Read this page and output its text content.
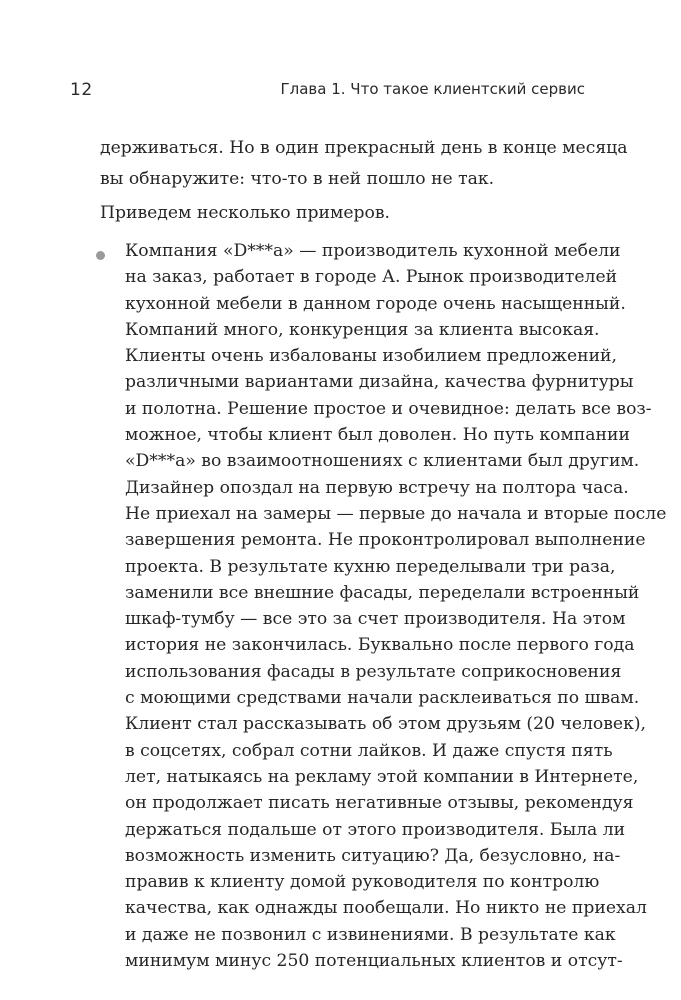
12	Глава 1. Что такое клиентский сервис
держиваться. Но в один прекрасный день в конце месяца
вы обнаружите: что-то в ней пошло не так.
Приведем несколько примеров.
Компания «D***а» — производитель кухонной мебели
на заказ, работает в городе А. Рынок производителей
кухонной мебели в данном городе очень насыщенный.
Компаний много, конкуренция за клиента высокая.
Клиенты очень избалованы изобилием предложений,
различными вариантами дизайна, качества фурнитуры
и полотна. Решение простое и очевидное: делать все воз-
можное, чтобы клиент был доволен. Но путь компании
«D***а» во взаимоотношениях с клиентами был другим.
Дизайнер опоздал на первую встречу на полтора часа.
Не приехал на замеры — первые до начала и вторые после
завершения ремонта. Не проконтролировал выполнение
проекта. В результате кухню переделывали три раза,
заменили все внешние фасады, переделали встроенный
шкаф-тумбу — все это за счет производителя. На этом
история не закончилась. Буквально после первого года
использования фасады в результате соприкосновения
с моющими средствами начали расклеиваться по швам.
Клиент стал рассказывать об этом друзьям (20 человек),
в соцсетях, собрал сотни лайков. И даже спустя пять
лет, натыкаясь на рекламу этой компании в Интернете,
он продолжает писать негативные отзывы, рекомендуя
держаться подальше от этого производителя. Была ли
возможность изменить ситуацию? Да, безусловно, на-
правив к клиенту домой руководителя по контролю
качества, как однажды пообещали. Но никто не приехал
и даже не позвонил с извинениями. В результате как
минимум минус 250 потенциальных клиентов и отсут-
